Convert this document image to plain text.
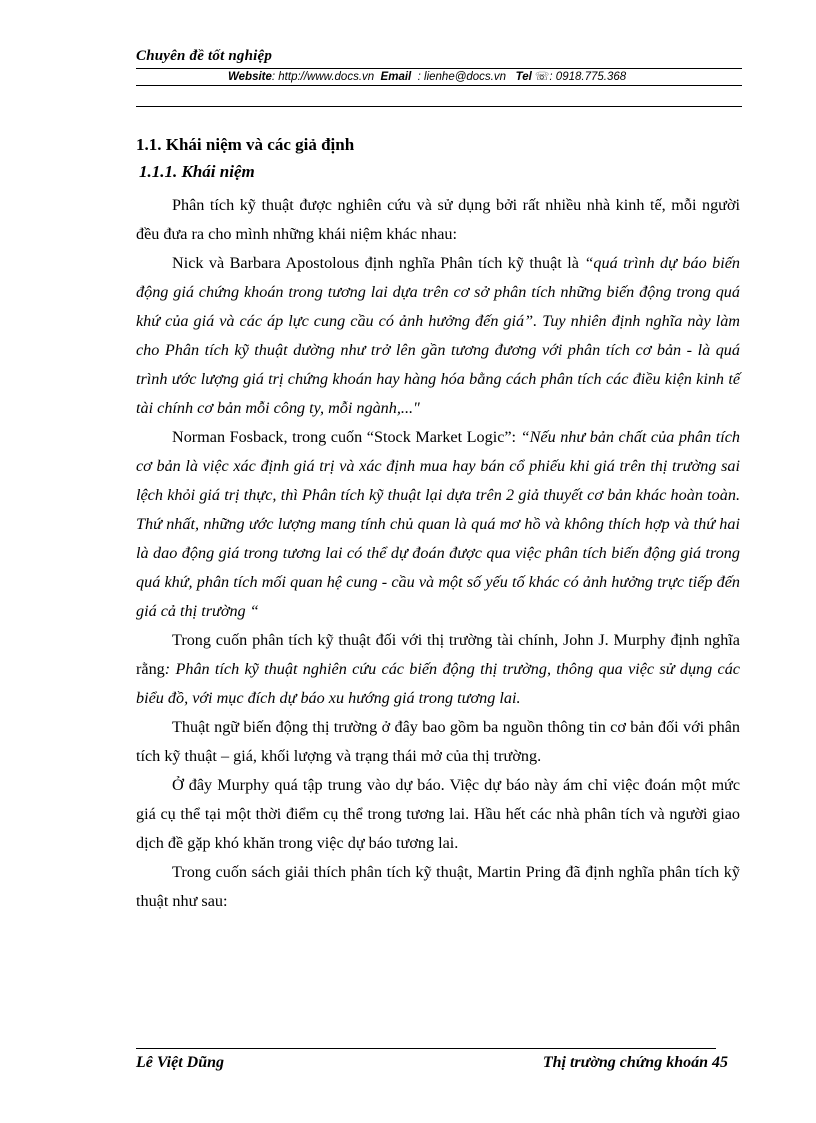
Chuyên đề tốt nghiệp
Website: http://www.docs.vn Email  : lienhe@docs.vn Tel ☏: 0918.775.368
1.1. Khái niệm và các giả định
1.1.1. Khái niệm

Phân tích kỹ thuật được nghiên cứu và sử dụng bởi rất nhiều nhà kinh tế, mỗi người đều đưa ra cho mình những khái niệm khác nhau:

Nick và Barbara Apostolous định nghĩa Phân tích kỹ thuật là “quá trình dự báo biến động giá chứng khoán trong tương lai dựa trên cơ sở phân tích những biến động trong quá khứ của giá và các áp lực cung cầu có ảnh hưởng đến giá”. Tuy nhiên định nghĩa này làm cho Phân tích kỹ thuật dường như trở lên gần tương đương với phân tích cơ bản - là quá trình ước lượng giá trị chứng khoán hay hàng hóa bằng cách phân tích các điều kiện kinh tế tài chính cơ bản mỗi công ty, mỗi ngành,..."

Norman Fosback, trong cuốn “Stock Market Logic”: “Nếu như bản chất của phân tích cơ bản là việc xác định giá trị và xác định mua hay bán cổ phiếu khi giá trên thị trường sai lệch khỏi giá trị thực, thì Phân tích kỹ thuật lại dựa trên 2 giả thuyết cơ bản khác hoàn toàn. Thứ nhất, những ước lượng mang tính chủ quan là quá mơ hồ và không thích hợp và thứ hai là dao động giá trong tương lai có thể dự đoán được qua việc phân tích biến động giá trong quá khứ, phân tích mối quan hệ cung - cầu và một số yếu tố khác có ảnh hưởng trực tiếp đến giá cả thị trường “

Trong cuốn phân tích kỹ thuật đối với thị trường tài chính, John J. Murphy định nghĩa rằng: Phân tích kỹ thuật nghiên cứu các biến động thị trường, thông qua việc sử dụng các biểu đồ, với mục đích dự báo xu hướng giá trong tương lai.

Thuật ngữ biến động thị trường ở đây bao gồm ba nguồn thông tin cơ bản đối với phân tích kỹ thuật – giá, khối lượng và trạng thái mở của thị trường.

Ở đây Murphy quá tập trung vào dự báo. Việc dự báo này ám chỉ việc đoán một mức giá cụ thể tại một thời điểm cụ thể trong tương lai. Hầu hết các nhà phân tích và người giao dịch đề gặp khó khăn trong việc dự báo tương lai.

Trong cuốn sách giải thích phân tích kỹ thuật, Martin Pring đã định nghĩa phân tích kỹ thuật như sau:

Lê Việt Dũng	Thị trường chứng khoán 45
